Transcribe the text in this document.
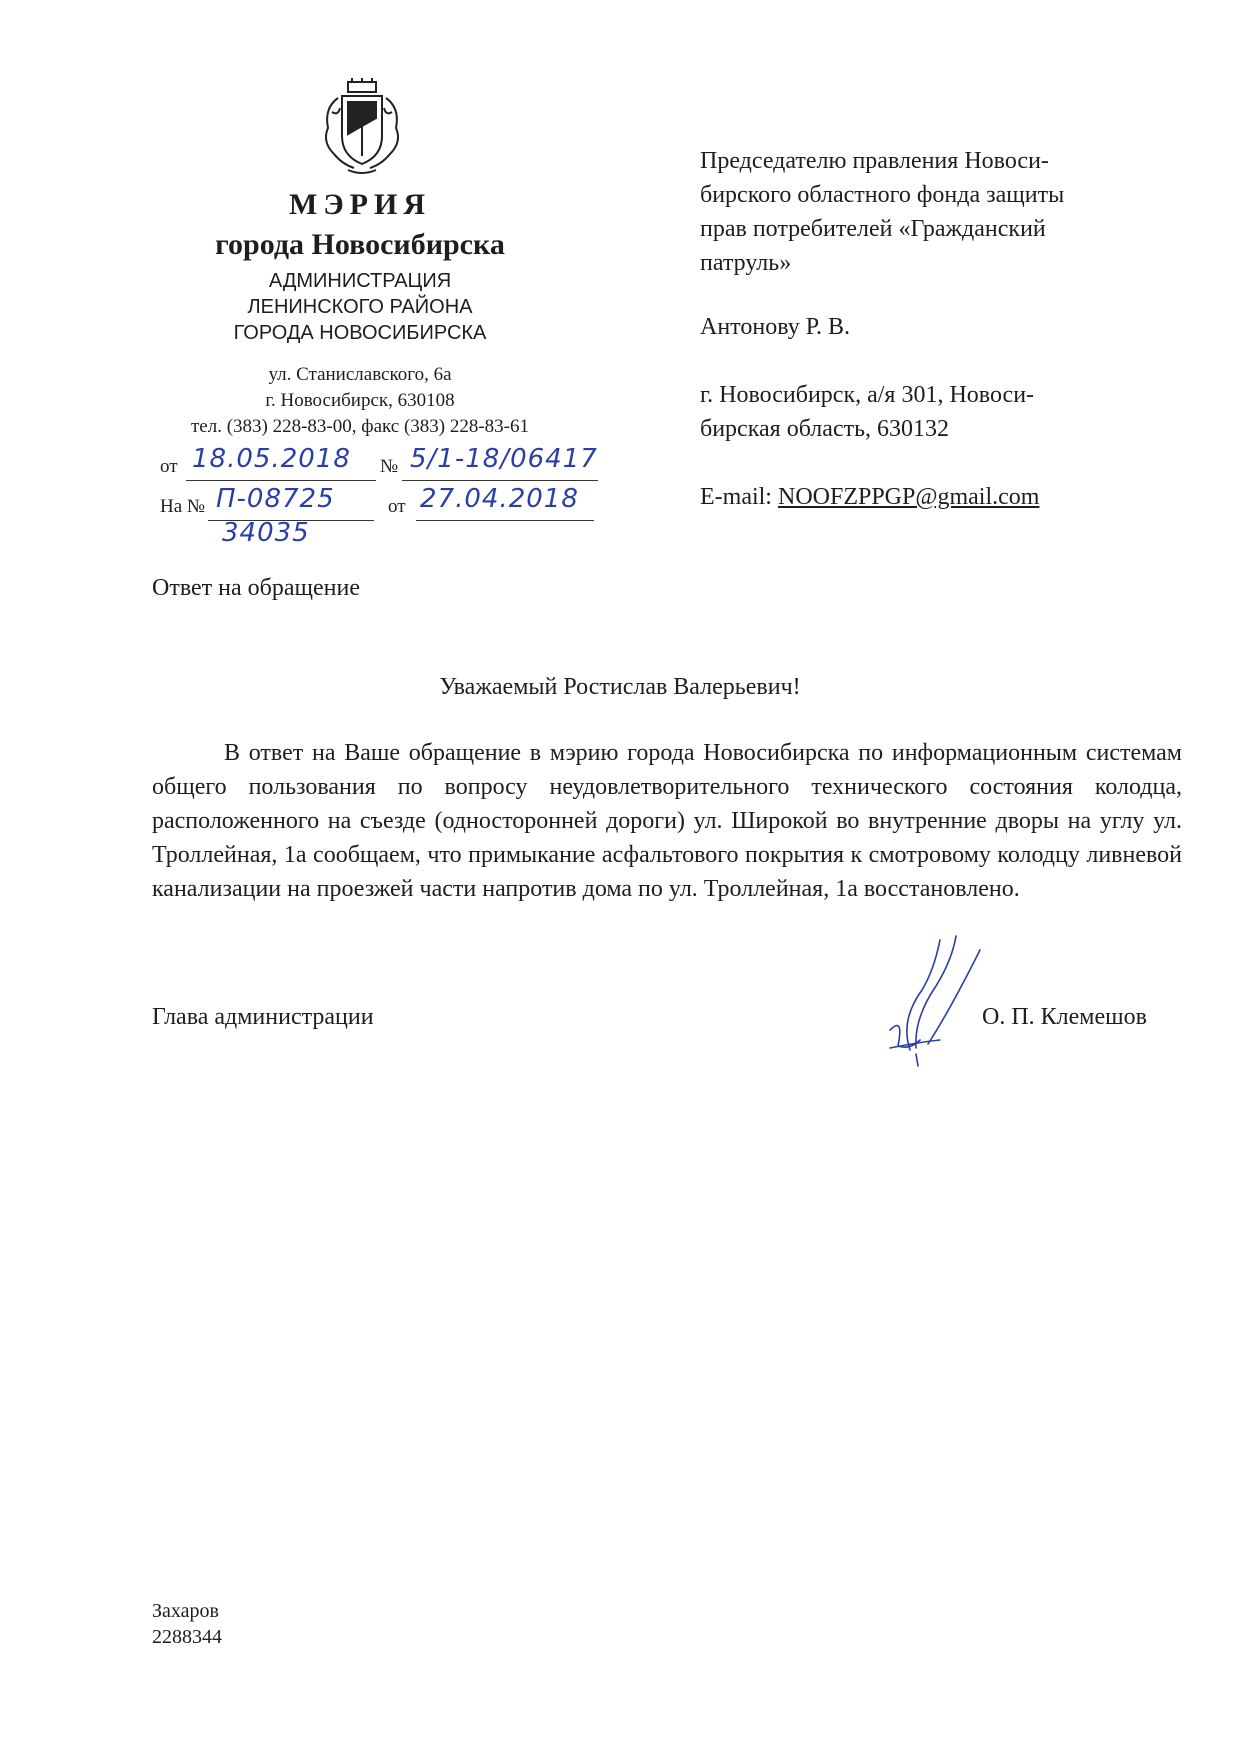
МЭРИЯ
города Новосибирска
АДМИНИСТРАЦИЯ
ЛЕНИНСКОГО РАЙОНА
ГОРОДА НОВОСИБИРСКА
ул. Станиславского, 6а
г. Новосибирск, 630108
тел. (383) 228-83-00, факс (383) 228-83-61
от 18.05.2018 № 5/1-18/06417
На № П-08725
34035
от 27.04.2018
Председателю правления Новоси-
бирского областного фонда защиты
прав потребителей «Гражданский
патруль»
Антонову Р. В.
г. Новосибирск, а/я 301, Новоси-
бирская область, 630132
E-mail: NOOFZPPGP@gmail.com
Ответ на обращение
Уважаемый Ростислав Валерьевич!
В ответ на Ваше обращение в мэрию города Новосибирска по информационным системам общего пользования по вопросу неудовлетворительного технического состояния колодца, расположенного на съезде (односторонней дороги) ул. Широкой во внутренние дворы на углу ул. Троллейная, 1а сообщаем, что примыкание асфальтового покрытия к смотровому колодцу ливневой канализации на проезжей части напротив дома по ул. Троллейная, 1а восстановлено.
Глава администрации	О. П. Клемешов
Захаров
2288344
